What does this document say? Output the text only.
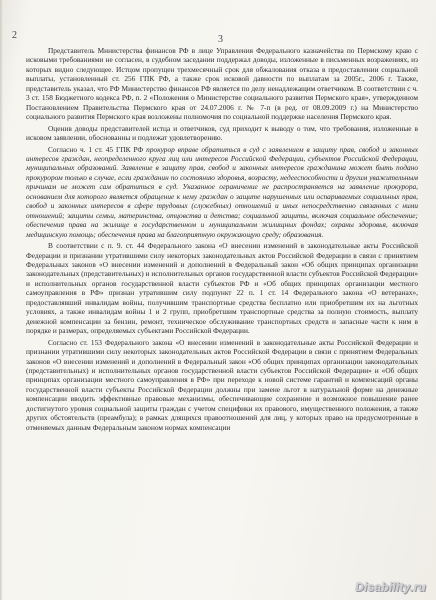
2	3

Представитель Министерства финансов РФ в лице Управления Федерального казначейства по Пермскому краю с исковыми требованиями не согласен, в судебном заседании поддержал доводы, изложенные в письменных возражениях, из которых видно следующее. Истцом пропущен трехмесячный срок для обжалования отказа в предоставлении социальной выплаты, установленный ст. 256 ГПК РФ, а также срок исковой давности по выплатам за 2005г., 2006 г. Также, представитель указал, что РФ Министерство финансов РФ является по делу ненадлежащим ответчиком. В соответствии с ч. 3 ст. 158 Бюджетного кодекса РФ, п. 2 «Положения о Министерстве социального развития Пермского края», утвержденном Постановлением Правительства Пермского края от 24.07.2006 г. № 7-п (в ред. от 08.09.2009 г.) на Министерство социального развития Пермского края возложены полномочия по социальной поддержке населения Пермского края.

Оценив доводы представителей истца и ответчиков, суд приходит к выводу о том, что требования, изложенные в исковом заявлении, обоснованны и подлежат удовлетворению.

Согласно ч. 1 ст. 45 ГПК РФ прокурор вправе обратиться в суд с заявлением в защиту прав, свобод и законных интересов граждан, неопределенного круга лиц или интересов Российской Федерации, субъектов Российской Федерации, муниципальных образований. Заявление в защиту прав, свобод и законных интересов гражданина может быть подано прокурором только в случае, если гражданин по состоянию здоровья, возрасту, недееспособности и другим уважительным причинам не может сам обратиться в суд. Указанное ограничение не распространяется на заявление прокурора, основанием для которого является обращение к нему граждан о защите нарушенных или оспариваемых социальных прав, свобод и законных интересов в сфере трудовых (служебных) отношений и иных непосредственно связанных с ними отношений; защиты семьи, материнства, отцовства и детства; социальной защиты, включая социальное обеспечение; обеспечения права на жилище в государственном и муниципальном жилищных фондах; охраны здоровья, включая медицинскую помощь; обеспечения права на благоприятную окружающую среду; образования.

В соответствии с п. 9. ст. 44 Федерального закона «О внесении изменений в законодательные акты Российской Федерации и признании утратившими силу некоторых законодательных актов Российской Федерации в связи с принятием Федеральных законов «О внесении изменений и дополнений в Федеральный закон «Об общих принципах организации законодательных (представительных) и исполнительных органов государственной власти субъектов Российской Федерации» и исполнительных органов государственной власти субъектов РФ и «Об общих принципах организации местного самоуправления в РФ» признан утратившим силу подпункт 22 п. 1 ст. 14 Федерального закона «О ветеранах», предоставлявший инвалидам войны, получившим транспортные средства бесплатно или приобретшим их на льготных условиях, а также инвалидам войны 1 и 2 групп, приобретшим транспортные средства за полную стоимость, выплату денежной компенсации за бензин, ремонт, техническое обслуживание транспортных средств и запасные части к ним в порядке и размерах, определяемых субъектами Российской Федерации.

Согласно ст. 153 Федерального закона «О внесении изменений в законодательные акты Российской Федерации и признании утратившими силу некоторых законодательных актов Российской Федерации в связи с принятием Федеральных законов «О внесении изменений и дополнений в Федеральный закон «Об общих принципах организации законодательных (представительных) и исполнительных органов государственной власти субъектов Российской Федерации» и «Об общих принципах организации местного самоуправления в РФ» при переходе к новой системе гарантий и компенсаций органы государственной власти субъекты Российской Федерации должны при замене льгот в натуральной форме на денежные компенсации вводить эффективные правовые механизмы, обеспечивающие сохранение и возможное повышение ранее достигнутого уровня социальной защиты граждан с учетом специфики их правового, имущественного положения, а также других обстоятельств (преамбула); в рамках длящихся правоотношений для лиц, у которых право на предусмотренные в отменяемых данным Федеральным законом нормах компенсации

Disability.ru
